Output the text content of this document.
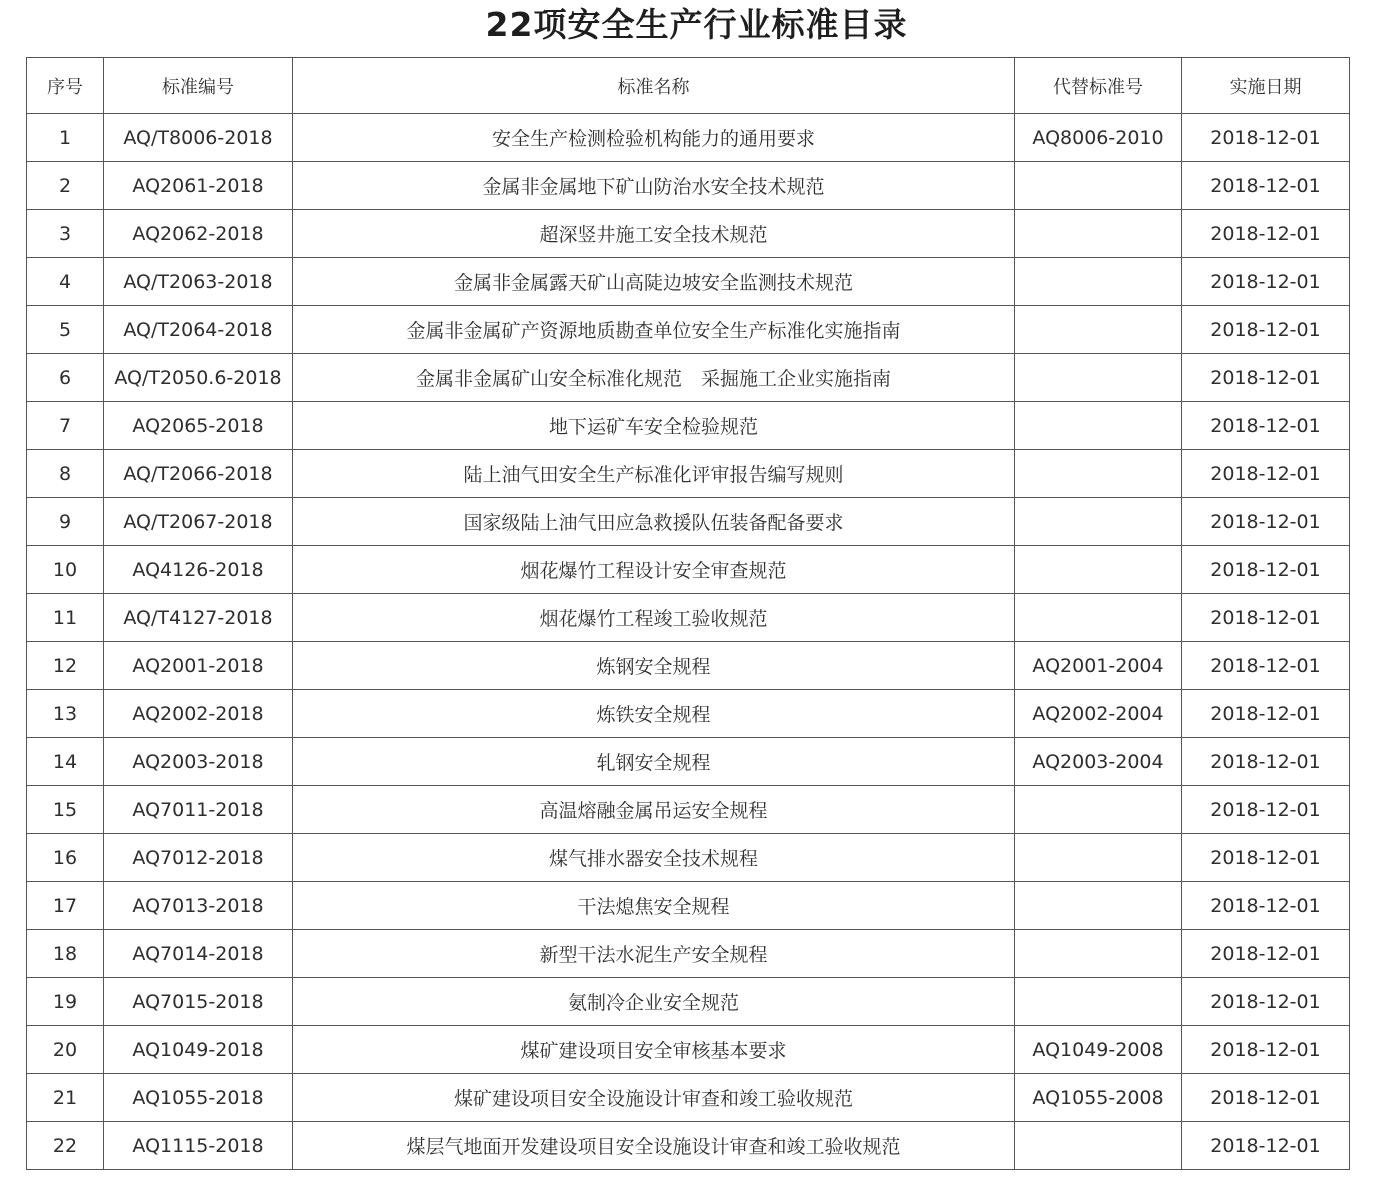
22项安全生产行业标准目录
序号	标准编号	标准名称	代替标准号	实施日期
1	AQ/T8006-2018	安全生产检测检验机构能力的通用要求	AQ8006-2010	2018-12-01
2	AQ2061-2018	金属非金属地下矿山防治水安全技术规范		2018-12-01
3	AQ2062-2018	超深竖井施工安全技术规范		2018-12-01
4	AQ/T2063-2018	金属非金属露天矿山高陡边坡安全监测技术规范		2018-12-01
5	AQ/T2064-2018	金属非金属矿产资源地质勘查单位安全生产标准化实施指南		2018-12-01
6	AQ/T2050.6-2018	金属非金属矿山安全标准化规范　采掘施工企业实施指南		2018-12-01
7	AQ2065-2018	地下运矿车安全检验规范		2018-12-01
8	AQ/T2066-2018	陆上油气田安全生产标准化评审报告编写规则		2018-12-01
9	AQ/T2067-2018	国家级陆上油气田应急救援队伍装备配备要求		2018-12-01
10	AQ4126-2018	烟花爆竹工程设计安全审查规范		2018-12-01
11	AQ/T4127-2018	烟花爆竹工程竣工验收规范		2018-12-01
12	AQ2001-2018	炼钢安全规程	AQ2001-2004	2018-12-01
13	AQ2002-2018	炼铁安全规程	AQ2002-2004	2018-12-01
14	AQ2003-2018	轧钢安全规程	AQ2003-2004	2018-12-01
15	AQ7011-2018	高温熔融金属吊运安全规程		2018-12-01
16	AQ7012-2018	煤气排水器安全技术规程		2018-12-01
17	AQ7013-2018	干法熄焦安全规程		2018-12-01
18	AQ7014-2018	新型干法水泥生产安全规程		2018-12-01
19	AQ7015-2018	氨制冷企业安全规范		2018-12-01
20	AQ1049-2018	煤矿建设项目安全审核基本要求	AQ1049-2008	2018-12-01
21	AQ1055-2018	煤矿建设项目安全设施设计审查和竣工验收规范	AQ1055-2008	2018-12-01
22	AQ1115-2018	煤层气地面开发建设项目安全设施设计审查和竣工验收规范		2018-12-01
